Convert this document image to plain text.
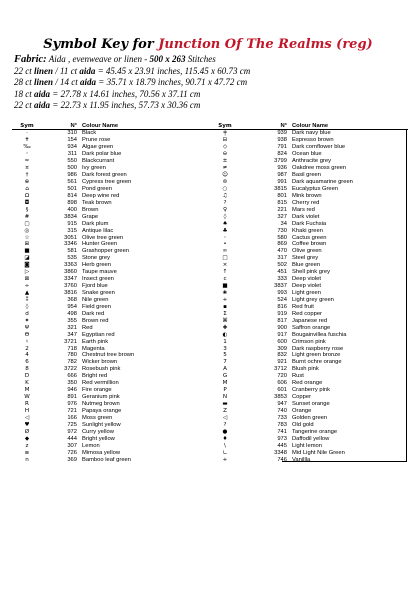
Symbol Key for Junction Of The Realms (reg)
Fabric: Aida , evenweave or linen - 500 x 263 Stitches
22 ct linen / 11 ct aida = 45.45 x 23.91 inches, 115.45 x 60.73 cm
28 ct linen / 14 ct aida = 35.71 x 18.79 inches, 90.71 x 47.72 cm
18 ct aida = 27.78 x 14.61 inches, 70.56 x 37.11 cm
22 ct aida = 22.73 x 11.95 inches, 57.73 x 30.36 cm
Sym	N° Colour Name
·	310 Black
✝	154 Prune rose
‰	934 Algae green
◦	311 Dark polar blue
≈	550 Blackcurrant
¤	500 Ivy green
†	986 Dark forest green
⊕	561 Cypress tree green
⌂	501 Pond green
Ω	814 Deep wine red
◘	898 Teak brown
§	400 Brown
#	3834 Grape
▢	915 Dark plum
◎	315 Antique lilac
☆	3051 Olive tree green
⊞	3346 Hunter Green
■	581 Grashopper green
◪	535 Stone grey
◙	3363 Herb green
▷	3860 Taupe mauve
⊠	3347 Insect green
÷	3760 Fjord blue
▲	3816 Snake green
⁑	368 Nile green
◊	954 Field green
d	498 Dark red
✦	355 Brown red
Ψ	321 Red
Ѳ	347 Egyptian red
♮	3721 Earth pink
2	718 Magenta
4	780 Chestnut tree brown
6	782 Wicker brown
8	3722 Rosebush pink
D	666 Bright red
K	350 Red vermillion
M	946 Fire orange
W	891 Geranium pink
R	976 Nutmeg brown
H	721 Papaya orange
◁	166 Moss green
♥	725 Sunlight yellow
Ø	972 Curry yellow
◆	444 Bright yellow
z	307 Lemon
≡	726 Mimosa yellow
n	369 Bamboo leaf green
Sym	N° Colour Name
╪	939 Dark navy blue
⊟	938 Espresso brown
◇	791 Dark cornflower blue
⊖	824 Ocean blue
±	3799 Anthracite grey
≠	936 Oakdree moss green
☺	987 Basil green
⊜	991 Dark aquamarine green
○	3815 Eucalyptus Green
♫	801 Mink brown
?	815 Cherry red
♀	221 Mars red
◊	327 Dark violet
♠	34 Dark Fuchsia
♣	730 Khaki green
◦	580 Cactus green
•	869 Coffee brown
∞	470 Olive green
□	317 Steel grey
×	502 Blue green
↑	451 Shell pink grey
c	333 Deep violet
■	3837 Deep violet
❀	993 Light green
+	524 Light grey green
▪	816 Red fruit
Σ	919 Red copper
⌘	817 Japanese red
✚	900 Saffron orange
◐	917 Bougainvillea fuschia
1	600 Crimson pink
3	309 Dark raspberry rose
5	832 Light green bronze
7	921 Burnt ochre orange
A	3712 Blush pink
G	720 Rust
M	606 Red orange
P	601 Cranberry pink
N	3853 Copper
▬	947 Sunset orange
Z	740 Orange
◁	733 Golden green
?	783 Old gold
●	741 Tangerine orange
♦	973 Daffodil yellow
\	445 Light lemon
∟	3348 Mid Light Nile Green
+	746 Vanillla
